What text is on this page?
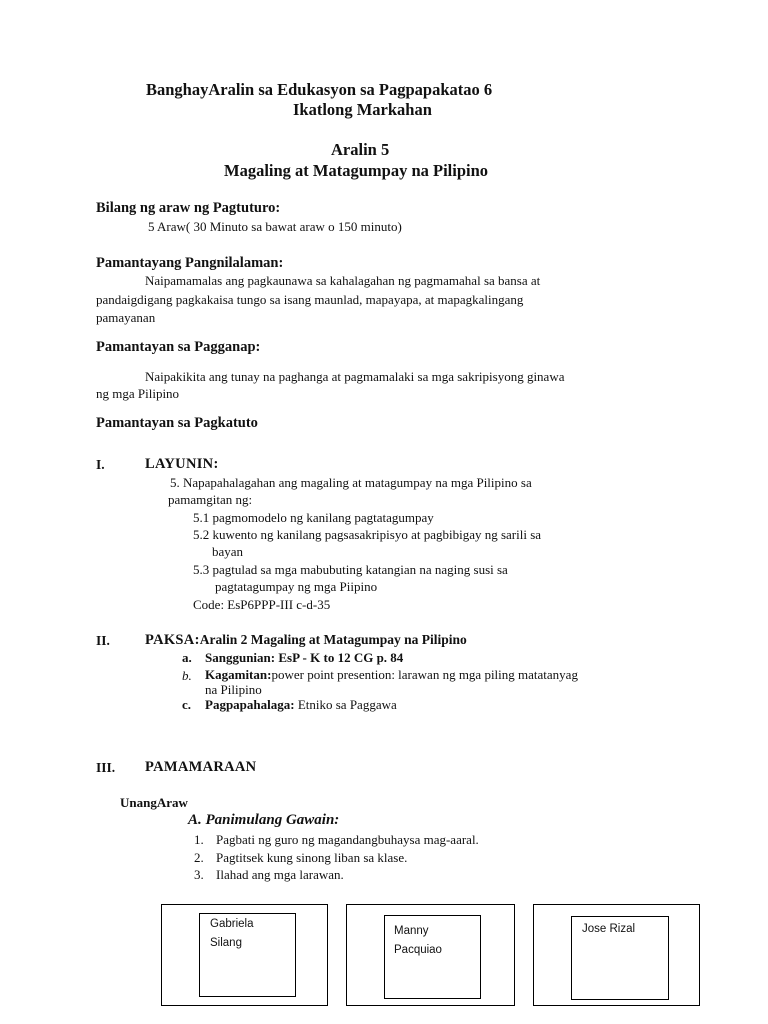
BanghayAralin sa Edukasyon sa Pagpapakatao 6
Ikatlong Markahan
Aralin 5
Magaling at Matagumpay na Pilipino
Bilang ng araw ng Pagtuturo:
5 Araw( 30 Minuto sa bawat araw o 150 minuto)
Pamantayang Pangnilalaman:
Naipamamalas ang pagkaunawa sa kahalagahan ng pagmamahal sa bansa at
pandaigdigang pagkakaisa tungo sa isang maunlad, mapayapa, at mapagkalingang
pamayanan
Pamantayan sa Pagganap:
Naipakikita ang tunay na paghanga at pagmamalaki sa mga sakripisyong ginawa
ng mga Pilipino
Pamantayan sa Pagkatuto
I.	LAYUNIN:
5. Napapahalagahan ang magaling at matagumpay na mga Pilipino sa
pamamgitan ng:
5.1 pagmomodelo ng kanilang pagtatagumpay
5.2 kuwento ng kanilang pagsasakripisyo at pagbibigay ng sarili sa
bayan
5.3 pagtulad sa mga mabubuting katangian na naging susi sa
pagtatagumpay ng mga Piipino
Code: EsP6PPP-III c-d-35
II. PAKSA:Aralin 2 Magaling at Matagumpay na Pilipino
a. Sanggunian: EsP - K to 12 CG p. 84
b. Kagamitan:power point presention: larawan ng mga piling matatanyag
na Pilipino
c. Pagpapahalaga: Etniko sa Paggawa
III. PAMAMARAAN
UnangAraw
A. Panimulang Gawain:
1. Pagbati ng guro ng magandangbuhaysa mag-aaral.
2. Pagtitsek kung sinong liban sa klase.
3. Ilahad ang mga larawan.
Gabriela
Silang
Manny
Pacquiao
Jose Rizal
